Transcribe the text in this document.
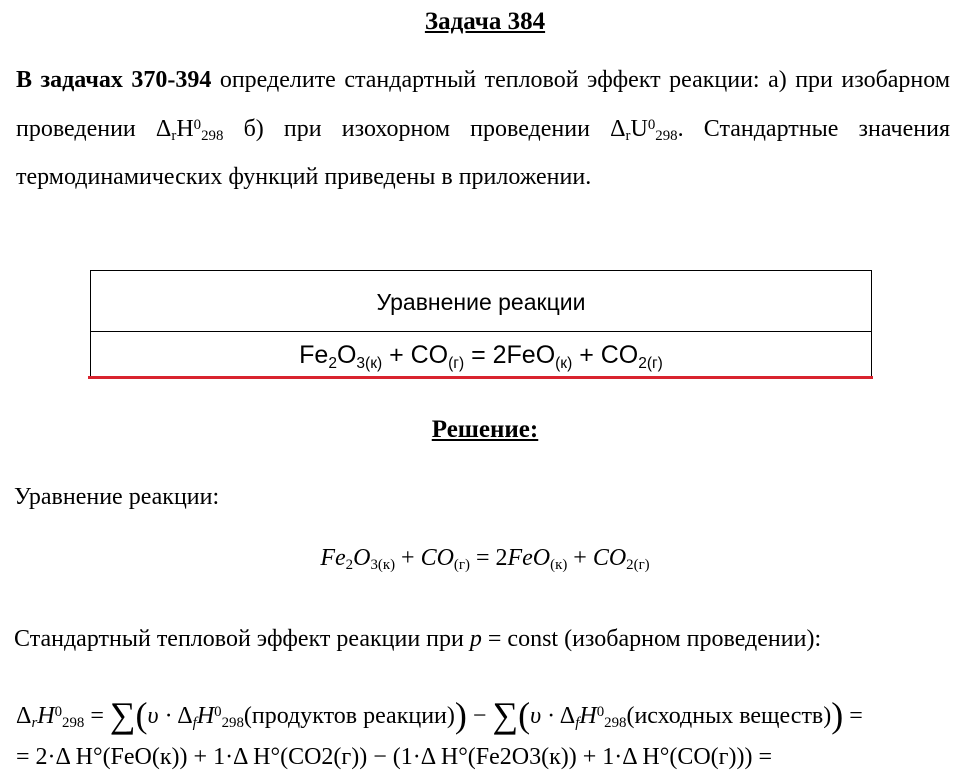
Задача 384
В задачах 370-394 определите стандартный тепловой эффект реакции: а) при изобарном проведении $\Delta_rH^0_{298}$ б) при изохорном проведении $\Delta_rU^0_{298}$. Стандартные значения термодинамических функций приведены в приложении.
Уравнение реакции
$Fe_2O_{3(к)} + CO_{(г)} = 2FeO_{(к)} + CO_{2(г)}$
Решение:
Уравнение реакции:
$Fe_2O_{3(к)} + CO_{(г)} = 2FeO_{(к)} + CO_{2(г)}$
Стандартный тепловой эффект реакции при p = const (изобарном проведении):
$\Delta_rH^0_{298} = \sum(\upsilon$ · $\Delta_fH^0_{298}(продуктов$ реакции)) − $\sum(\upsilon \cdot \Delta_fH^0_{298}(исходных$ веществ)) =
= 2·Δ H°(FeO(к)) + 1·Δ H°(CO2(г)) − (1·Δ H°(Fe2O3(к)) + 1·Δ H°(CO(г))) =
